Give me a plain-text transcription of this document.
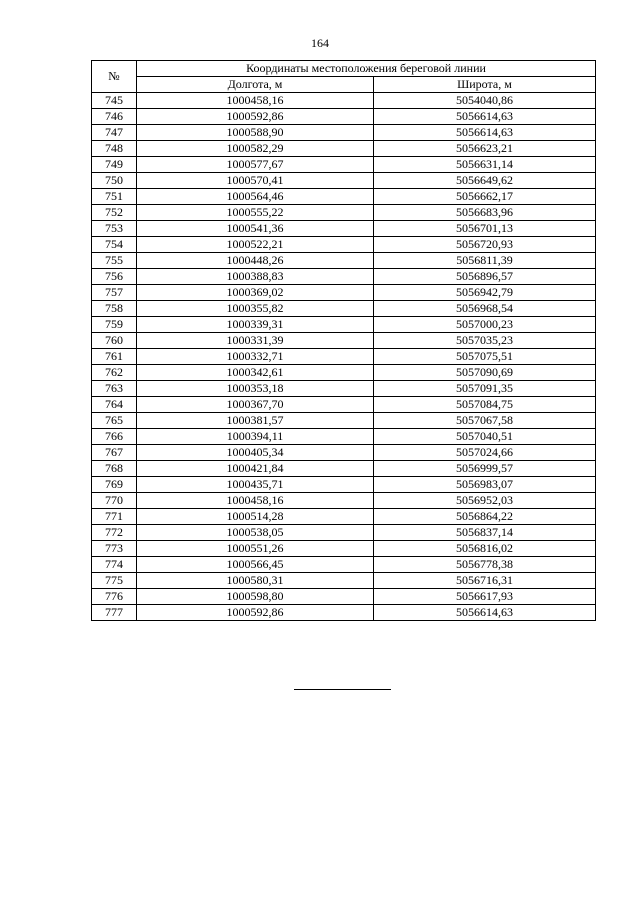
164
№	Координаты местоположения береговой линии	
	Долгота, м	Широта, м
745	1000458,16	5054040,86
746	1000592,86	5056614,63
747	1000588,90	5056614,63
748	1000582,29	5056623,21
749	1000577,67	5056631,14
750	1000570,41	5056649,62
751	1000564,46	5056662,17
752	1000555,22	5056683,96
753	1000541,36	5056701,13
754	1000522,21	5056720,93
755	1000448,26	5056811,39
756	1000388,83	5056896,57
757	1000369,02	5056942,79
758	1000355,82	5056968,54
759	1000339,31	5057000,23
760	1000331,39	5057035,23
761	1000332,71	5057075,51
762	1000342,61	5057090,69
763	1000353,18	5057091,35
764	1000367,70	5057084,75
765	1000381,57	5057067,58
766	1000394,11	5057040,51
767	1000405,34	5057024,66
768	1000421,84	5056999,57
769	1000435,71	5056983,07
770	1000458,16	5056952,03
771	1000514,28	5056864,22
772	1000538,05	5056837,14
773	1000551,26	5056816,02
774	1000566,45	5056778,38
775	1000580,31	5056716,31
776	1000598,80	5056617,93
777	1000592,86	5056614,63
